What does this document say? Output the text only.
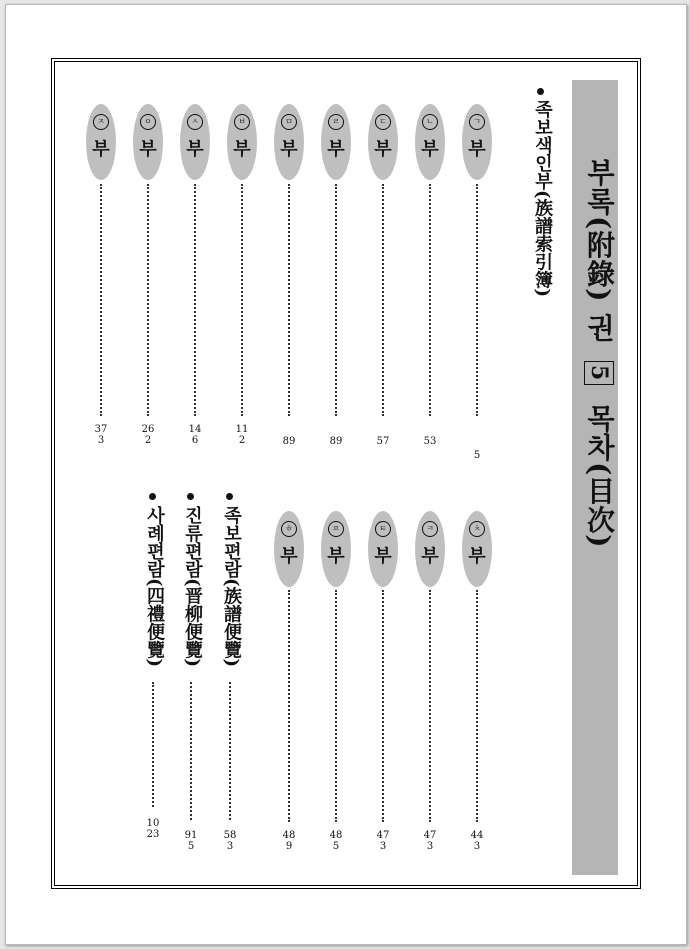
부록(附錄) 권 5 목차(目次)
족보색인부(族譜索引簿)
ㄱ
부
5
ㄴ
부
53
ㄷ
부
57
ㄹ
부
89
ㅁ
부
89
ㅂ
부
112
ㅅ
부
146
ㅇ
부
262
ㅈ
부
373
ㅊ
부
443
ㅋ
부
473
ㅌ
부
473
ㅍ
부
485
ㅎ
부
489
족보편람(族譜便覽)
583
진류편람(晋柳便覽)
915
사례편람(四禮便覽)
1023
